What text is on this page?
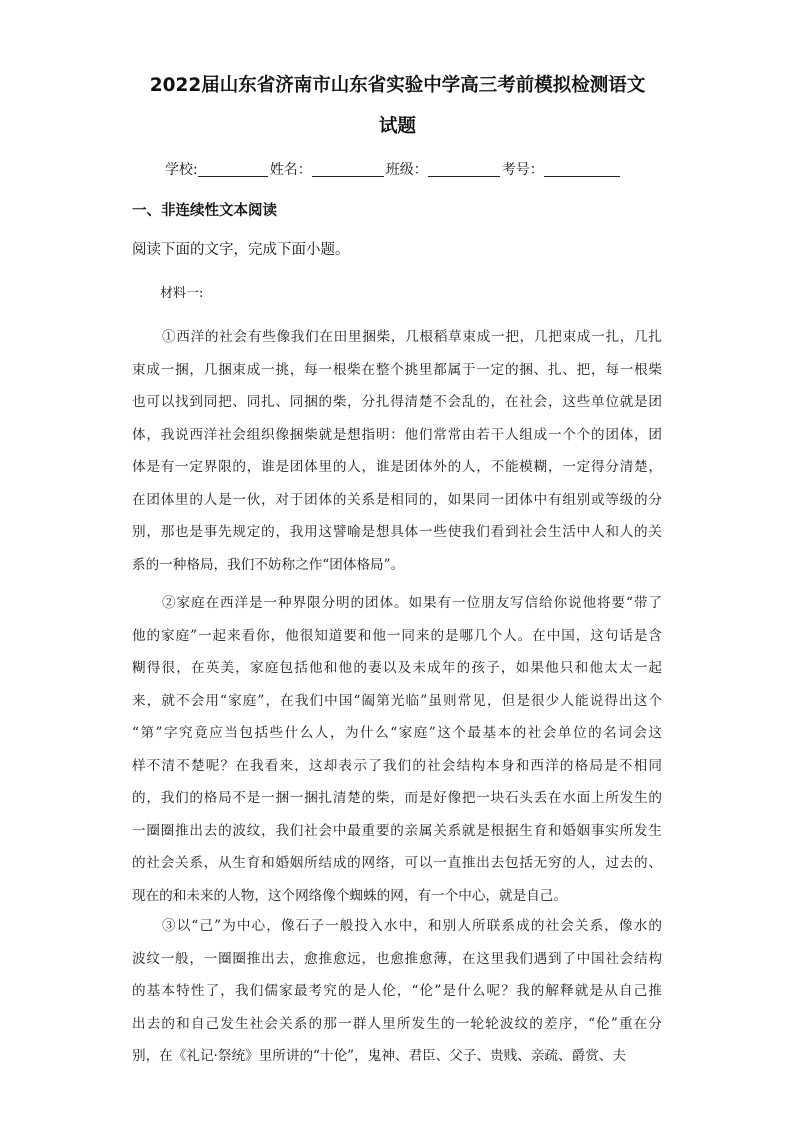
2022届山东省济南市山东省实验中学高三考前模拟检测语文
试题
学校:	姓名：	班级：	考号：
一、非连续性文本阅读
阅读下面的文字，完成下面小题。
材料一:
①西洋的社会有些像我们在田里捆柴，几根稻草束成一把，几把束成一扎，几扎
束成一捆，几捆束成一挑，每一根柴在整个挑里都属于一定的捆、扎、把，每一根柴
也可以找到同把、同扎、同捆的柴，分扎得清楚不会乱的，在社会，这些单位就是团
体，我说西洋社会组织像捆柴就是想指明：他们常常由若干人组成一个个的团体，团
体是有一定界限的，谁是团体里的人，谁是团体外的人，不能模糊，一定得分清楚，
在团体里的人是一伙，对于团体的关系是相同的，如果同一团体中有组别或等级的分
别，那也是事先规定的，我用这譬喻是想具体一些使我们看到社会生活中人和人的关
系的一种格局，我们不妨称之作“团体格局”。
②家庭在西洋是一种界限分明的团体。如果有一位朋友写信给你说他将要“带了
他的家庭”一起来看你，他很知道要和他一同来的是哪几个人。在中国，这句话是含
糊得很，在英美，家庭包括他和他的妻以及未成年的孩子，如果他只和他太太一起
来，就不会用“家庭”，在我们中国“阖第光临”虽则常见，但是很少人能说得出这个
“第”字究竟应当包括些什么人，为什么“家庭”这个最基本的社会单位的名词会这
样不清不楚呢？在我看来，这却表示了我们的社会结构本身和西洋的格局是不相同
的，我们的格局不是一捆一捆扎清楚的柴，而是好像把一块石头丢在水面上所发生的
一圈圈推出去的波纹，我们社会中最重要的亲属关系就是根据生育和婚姻事实所发生
的社会关系，从生育和婚姻所结成的网络，可以一直推出去包括无穷的人，过去的、
现在的和未来的人物，这个网络像个蜘蛛的网，有一个中心，就是自己。
③以“己”为中心，像石子一般投入水中，和别人所联系成的社会关系，像水的
波纹一般，一圈圈推出去，愈推愈远，也愈推愈薄，在这里我们遇到了中国社会结构
的基本特性了，我们儒家最考究的是人伦，“伦”是什么呢？我的解释就是从自己推
出去的和自己发生社会关系的那一群人里所发生的一轮轮波纹的差序，“伦”重在分
别，在《礼记·祭统》里所讲的“十伦”，鬼神、君臣、父子、贵贱、亲疏、爵赏、夫
